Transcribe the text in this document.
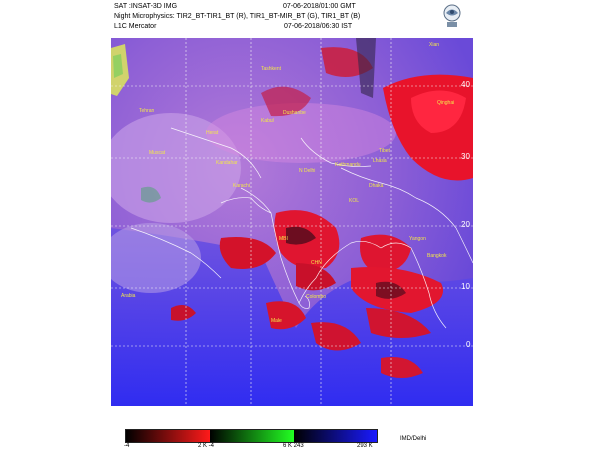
SAT :INSAT-3D IMG
Night Microphysics: TIR2_BT-TIR1_BT (R), TIR1_BT-MIR_BT (G), TIR1_BT (B)
L1C Mercator
07-06-2018/01:00 GMT
07-06-2018/06:30 IST
40
30
20
10
0
Tashkent
Tehran
Kabul
Dushanbe
Herat
Kandahar
Muscat
Karachi
N Delhi
Kathmandu
Lhasa
Tibet
Dhaka
Yangon
Bangkok
Colombo
MBI
CHN
KOL
Xian
Qinghai
Male
Arabia
-4	2 K -4	6 K 243	293 K
IMD/Delhi
